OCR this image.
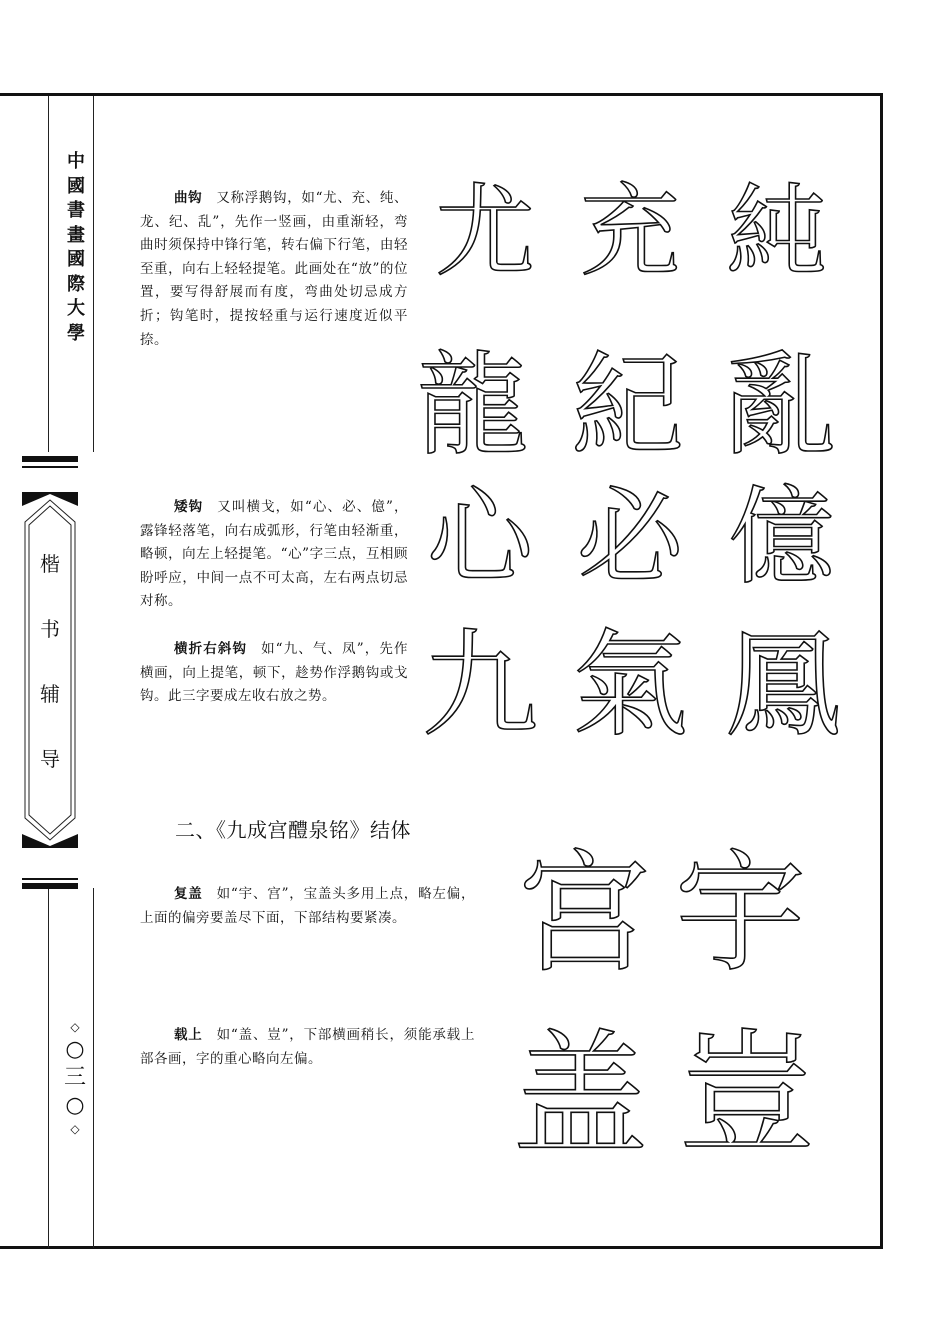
中
國
書
畫
國
際
大
學
楷
书
辅
导
◇
○
三
○
◇

曲钩 又称浮鹅钩，如“尤、充、纯、龙、纪、乱”，先作一竖画，由重渐轻，弯曲时须保持中锋行笔，转右偏下行笔，由轻至重，向右上轻轻提笔。此画处在“放”的位置，要写得舒展而有度，弯曲处切忌成方折；钩笔时，提按轻重与运行速度近似平捺。

矮钩 又叫横戈，如“心、必、億”，露锋轻落笔，向右成弧形，行笔由轻渐重，略顿，向左上轻提笔。“心”字三点，互相顾盼呼应，中间一点不可太高，左右两点切忌对称。

横折右斜钩 如“九、气、凤”，先作横画，向上提笔，顿下，趁势作浮鹅钩或戈钩。此三字要成左收右放之势。

二、《九成宫醴泉铭》结体

复盖 如“宇、宫”，宝盖头多用上点，略左偏，上面的偏旁要盖尽下面，下部结构要紧凑。

载上 如“盖、豈”，下部横画稍长，须能承载上部各画，字的重心略向左偏。

尤 充 純
龍 紀 亂
心 必 億
九 氣 鳳
宫 宇
盖 豈
